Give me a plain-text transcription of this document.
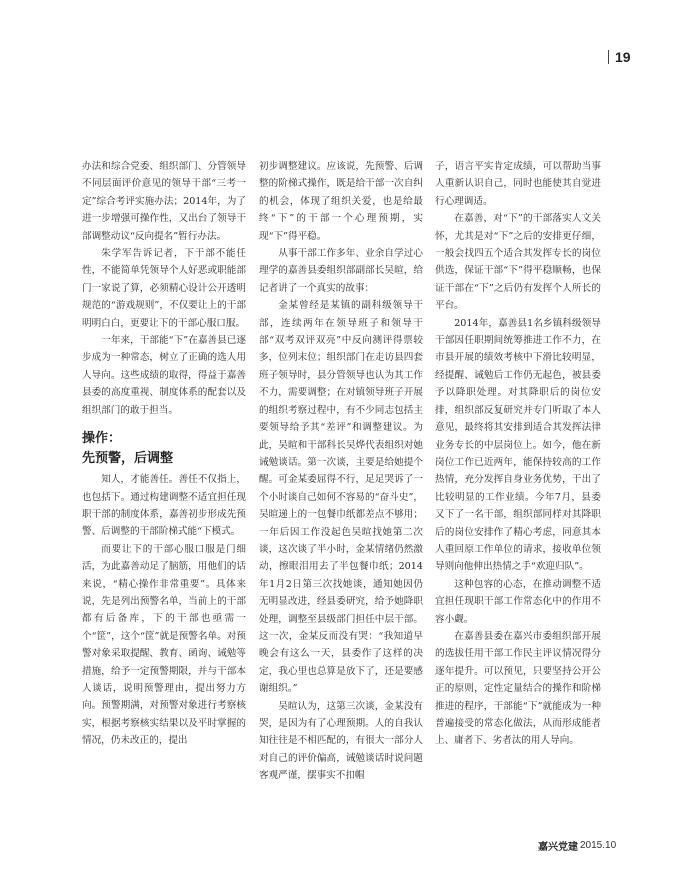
19

办法和综合党委、组织部门、分管领导不同层面评价意见的领导干部“三考一定”综合考评实施办法；2014年，为了进一步增强可操作性，又出台了领导干部调整动议“反向提名”暂行办法。

朱学军告诉记者，下干部不能任性，不能简单凭领导个人好恶或职能部门一家说了算，必须精心设计公开透明规范的“游戏规则”，不仅要让上的干部明明白白，更要让下的干部心服口服。

一年来，干部能“下”在嘉善县已逐步成为一种常态，树立了正确的选人用人导向。这些成绩的取得，得益于嘉善县委的高度重视、制度体系的配套以及组织部门的敢于担当。

操作：
先预警，后调整

知人，才能善任。善任不仅指上，也包括下。通过构建调整不适宜担任现职干部的制度体系，嘉善初步形成先预警、后调整的干部阶梯式能“下模式。

而要让下的干部心服口服是门细活，为此嘉善动足了脑筋，用他们的话来说，“精心操作非常重要”。具体来说，先是列出预警名单，当前上的干部都有后备库，下的干部也亟需一个“筐”，这个“筐”就是预警名单。对预警对象采取提醒、教育、函询、诫勉等措施，给予一定预警期限，并与干部本人谈话，说明预警理由，提出努力方向。预警期满，对预警对象进行考察核实，根据考察核实结果以及平时掌握的情况，仍未改正的，提出

初步调整建议。应该说，先预警、后调整的阶梯式操作，既是给干部一次自纠的机会，体现了组织关爱，也是给最终“下”的干部一个心理预期，实现“下”得平稳。

从事干部工作多年、业余自学过心理学的嘉善县委组织部副部长吴暄，给记者讲了一个真实的故事：

金某曾经是某镇的副科级领导干部，连续两年在领导班子和领导干部“双考双评双亮”中反向测评得票较多，位列末位；组织部门在走访县四套班子领导时，县分管领导也认为其工作不力，需要调整；在对镇领导班子开展的组织考察过程中，有不少同志包括主要领导给予其“差评”和调整建议。为此，吴暄和干部科长吴烨代表组织对她诫勉谈话。第一次谈，主要是给她提个醒。可金某委屈得不行，足足哭诉了一个小时谈自己如何不容易的“奋斗史”，吴暄递上的一包餐巾纸都差点不够用；一年后因工作没起色吴暄找她第二次谈，这次谈了半小时，金某情绪仍然激动，擦眼泪用去了半包餐巾纸；2014年1月2日第三次找她谈，通知她因仍无明显改进，经县委研究，给予她降职处理，调整至县级部门担任中层干部。这一次，金某反而没有哭：“我知道早晚会有这么一天，县委作了这样的决定，我心里也总算是放下了，还是要感谢组织。”

吴暄认为，这第三次谈，金某没有哭，是因为有了心理预期。人的自我认知往往是不相匹配的，有很大一部分人对自己的评价偏高，诫勉谈话时说问题客观严谨，摆事实不扣帽

子，语言平实肯定成绩，可以帮助当事人重新认识自己，同时也能使其自觉进行心理调适。

在嘉善，对“下”的干部落实人文关怀，尤其是对“下”之后的安排更仔细，一般会找四五个适合其发挥专长的岗位供选，保证干部“下”得平稳顺畅，也保证干部在“下”之后仍有发挥个人所长的平台。

2014年，嘉善县1名乡镇科级领导干部因任职期间统筹推进工作不力，在市县开展的绩效考核中下滑比较明显，经提醒、诫勉后工作仍无起色，被县委予以降职处理。对其降职后的岗位安排，组织部反复研究并专门听取了本人意见，最终将其安排到适合其发挥法律业务专长的中层岗位上。如今，他在新岗位工作已近两年，能保持较高的工作热情，充分发挥自身业务优势，干出了比较明显的工作业绩。今年7月，县委又下了一名干部，组织部同样对其降职后的岗位安排作了精心考虑，同意其本人重回原工作单位的请求，接收单位领导则向他伸出热情之手“欢迎归队”。

这种包容的心态，在推动调整不适宜担任现职干部工作常态化中的作用不容小觑。

在嘉善县委在嘉兴市委组织部开展的选拔任用干部工作民主评议情况得分逐年提升。可以预见，只要坚持公开公正的原则，定性定量结合的操作和阶梯推进的程序，干部能“下”就能成为一种普遍接受的常态化做法，从而形成能者上、庸者下、劣者汰的用人导向。

嘉兴党建 2015.10
